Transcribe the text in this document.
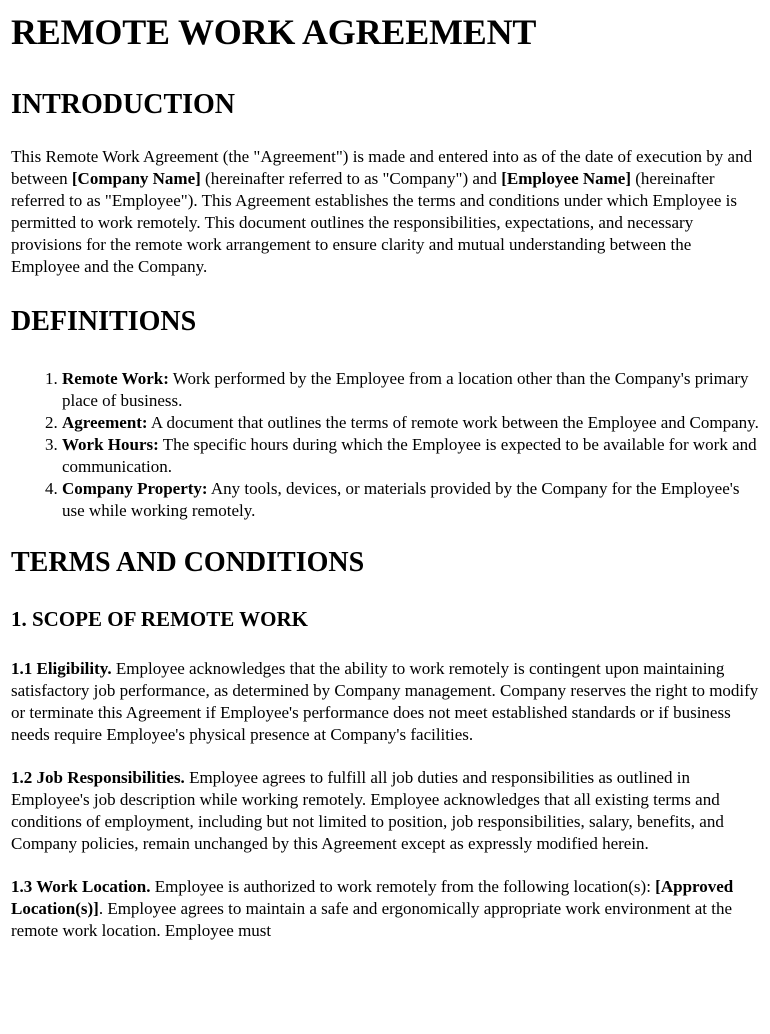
REMOTE WORK AGREEMENT
INTRODUCTION

This Remote Work Agreement (the "Agreement") is made and entered into as of the date of execution by and between [Company Name] (hereinafter referred to as "Company") and [Employee Name] (hereinafter referred to as "Employee"). This Agreement establishes the terms and conditions under which Employee is permitted to work remotely. This document outlines the responsibilities, expectations, and necessary provisions for the remote work arrangement to ensure clarity and mutual understanding between the Employee and the Company.

DEFINITIONS
1. Remote Work: Work performed by the Employee from a location other than the Company's primary place of business.
2. Agreement: A document that outlines the terms of remote work between the Employee and Company.
3. Work Hours: The specific hours during which the Employee is expected to be available for work and communication.
4. Company Property: Any tools, devices, or materials provided by the Company for the Employee's use while working remotely.
TERMS AND CONDITIONS
1. SCOPE OF REMOTE WORK

1.1 Eligibility. Employee acknowledges that the ability to work remotely is contingent upon maintaining satisfactory job performance, as determined by Company management. Company reserves the right to modify or terminate this Agreement if Employee's performance does not meet established standards or if business needs require Employee's physical presence at Company's facilities.

1.2 Job Responsibilities. Employee agrees to fulfill all job duties and responsibilities as outlined in Employee's job description while working remotely. Employee acknowledges that all existing terms and conditions of employment, including but not limited to position, job responsibilities, salary, benefits, and Company policies, remain unchanged by this Agreement except as expressly modified herein.

1.3 Work Location. Employee is authorized to work remotely from the following location(s): [Approved Location(s)]. Employee agrees to maintain a safe and ergonomically appropriate work environment at the remote work location. Employee must
